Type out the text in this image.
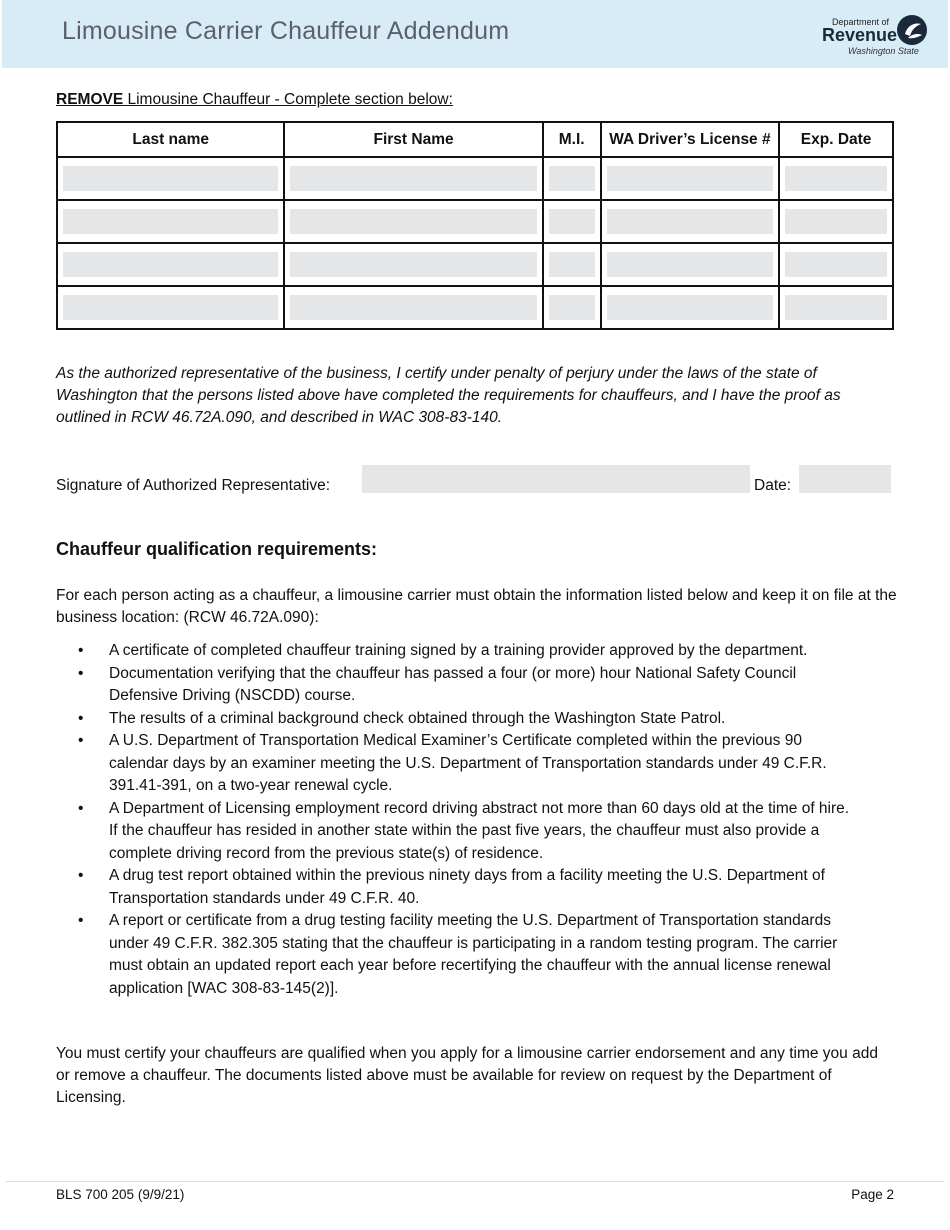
Limousine Carrier Chauffeur Addendum	Department of
Revenue
Washington State
REMOVE Limousine Chauffeur - Complete section below:
Last name	First Name	M.I.	WA Driver’s License #	Exp. Date

As the authorized representative of the business, I certify under penalty of perjury under the laws of the state of Washington that the persons listed above have completed the requirements for chauffeurs, and I have the proof as outlined in RCW 46.72A.090, and described in WAC 308-83-140.
Signature of Authorized Representative:	Date:
Chauffeur qualification requirements:
For each person acting as a chauffeur, a limousine carrier must obtain the information listed below and keep it on file at the business location: (RCW 46.72A.090):
• A certificate of completed chauffeur training signed by a training provider approved by the department.
• Documentation verifying that the chauffeur has passed a four (or more) hour National Safety Council Defensive Driving (NSCDD) course.
• The results of a criminal background check obtained through the Washington State Patrol.
• A U.S. Department of Transportation Medical Examiner’s Certificate completed within the previous 90 calendar days by an examiner meeting the U.S. Department of Transportation standards under 49 C.F.R. 391.41-391, on a two-year renewal cycle.
• A Department of Licensing employment record driving abstract not more than 60 days old at the time of hire. If the chauffeur has resided in another state within the past five years, the chauffeur must also provide a complete driving record from the previous state(s) of residence.
• A drug test report obtained within the previous ninety days from a facility meeting the U.S. Department of Transportation standards under 49 C.F.R. 40.
• A report or certificate from a drug testing facility meeting the U.S. Department of Transportation standards under 49 C.F.R. 382.305 stating that the chauffeur is participating in a random testing program. The carrier must obtain an updated report each year before recertifying the chauffeur with the annual license renewal application [WAC 308-83-145(2)].
You must certify your chauffeurs are qualified when you apply for a limousine carrier endorsement and any time you add or remove a chauffeur. The documents listed above must be available for review on request by the Department of Licensing.
BLS 700 205 (9/9/21)	Page 2
